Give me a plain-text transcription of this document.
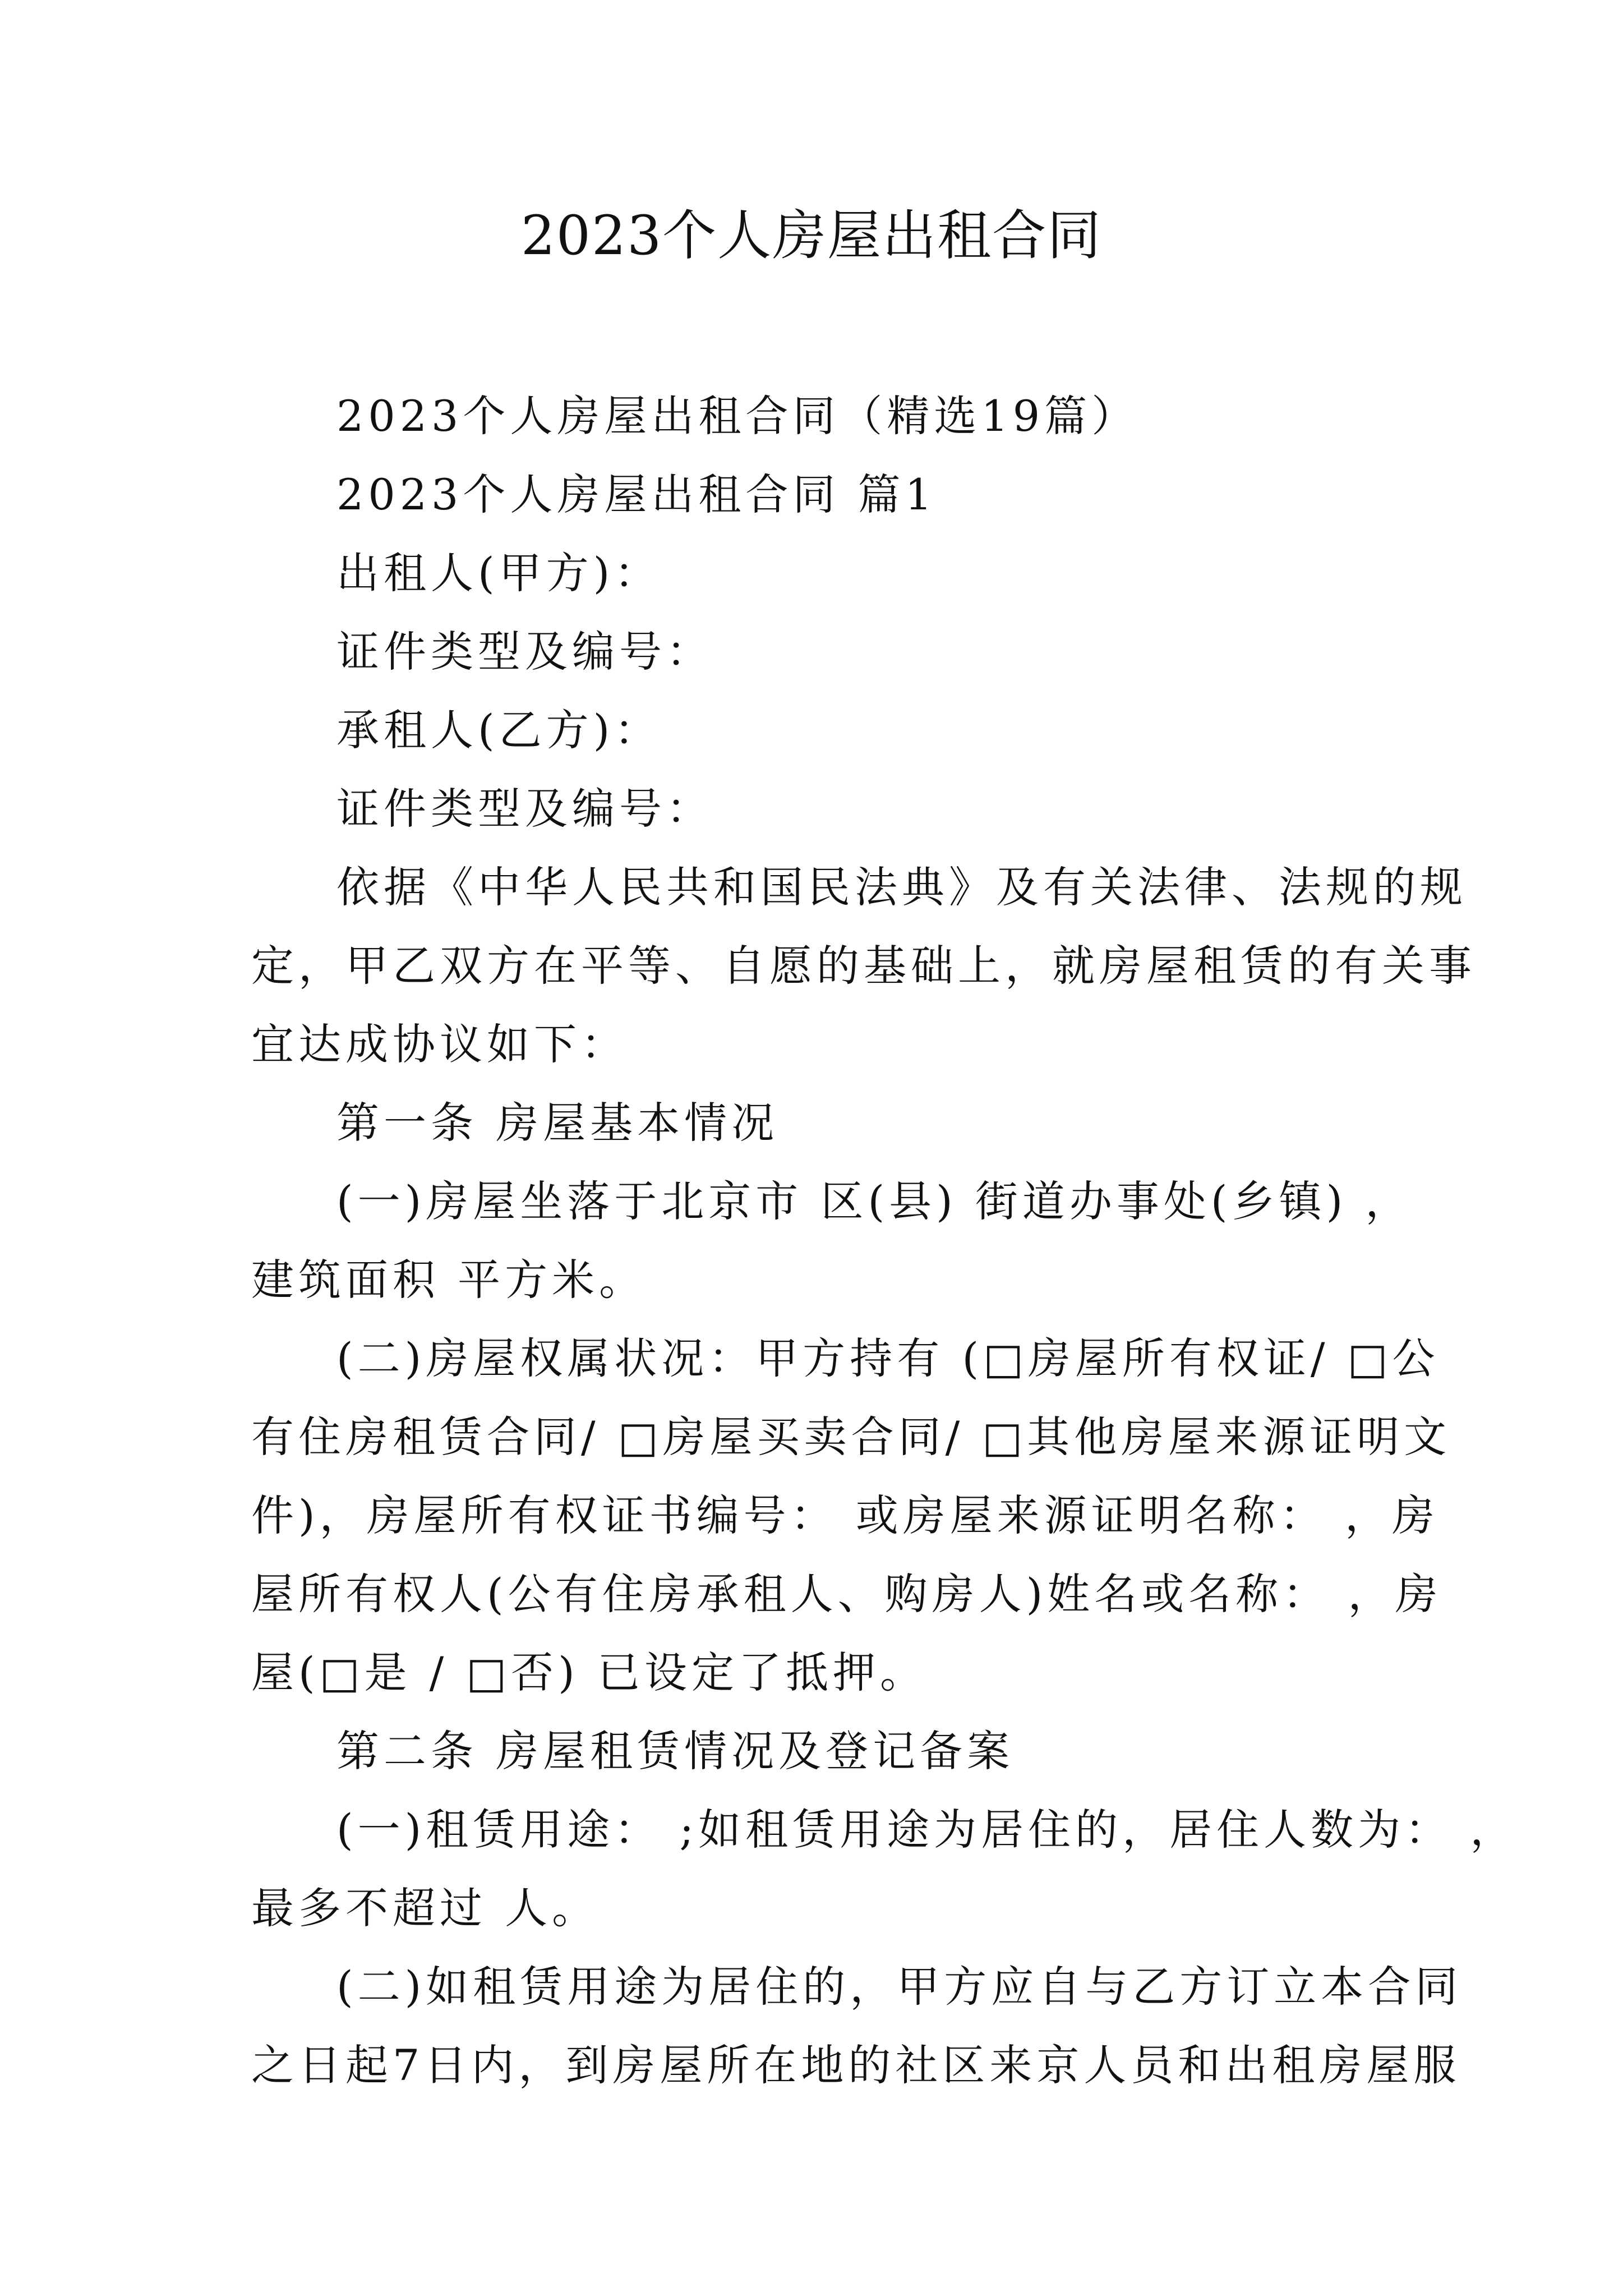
2023个人房屋出租合同
2023个人房屋出租合同（精选19篇）
2023个人房屋出租合同 篇1
出租人(甲方)：
证件类型及编号：
承租人(乙方)：
证件类型及编号：
依据《中华人民共和国民法典》及有关法律、法规的规
定，甲乙双方在平等、自愿的基础上，就房屋租赁的有关事
宜达成协议如下：
第一条 房屋基本情况
(一)房屋坐落于北京市 区(县) 街道办事处(乡镇) ，
建筑面积 平方米。
(二)房屋权属状况：甲方持有 (□房屋所有权证/ □公
有住房租赁合同/ □房屋买卖合同/ □其他房屋来源证明文
件)，房屋所有权证书编号： 或房屋来源证明名称： ，房
屋所有权人(公有住房承租人、购房人)姓名或名称： ，房
屋(□是 / □否) 已设定了抵押。
第二条 房屋租赁情况及登记备案
(一)租赁用途： ;如租赁用途为居住的，居住人数为： ，
最多不超过 人。
(二)如租赁用途为居住的，甲方应自与乙方订立本合同
之日起7日内，到房屋所在地的社区来京人员和出租房屋服
